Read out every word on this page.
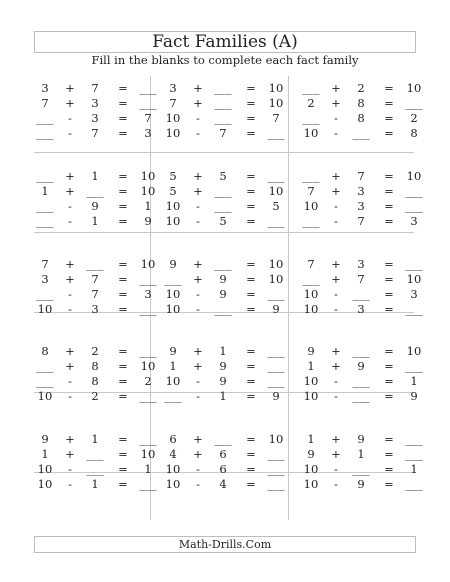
Fact Families (A)
Fill in the blanks to complete each fact family
3	+	7	=	___
7	+	3	=	___
___	-	3	=	7
___	-	7	=	3
3	+	___	=	10
7	+	___	=	10
10	-	___	=	7
10	-	7	=	___
___	+	2	=	10
2	+	8	=	___
___	-	8	=	2
10	-	___	=	8
___	+	1	=	10
1	+	___	=	10
___	-	9	=	1
___	-	1	=	9
5	+	5	=	___
5	+	___	=	10
10	-	___	=	5
10	-	5	=	___
___	+	7	=	10
7	+	3	=	___
10	-	3	=	___
___	-	7	=	3
7	+	___	=	10
3	+	7	=	___
___	-	7	=	3
10	-	3	=	___
9	+	___	=	10
___	+	9	=	10
10	-	9	=	___
10	-	___	=	9
7	+	3	=	___
___	+	7	=	10
10	-	___	=	3
10	-	3	=	___
8	+	2	=	___
___	+	8	=	10
___	-	8	=	2
10	-	2	=	___
9	+	1	=	___
1	+	9	=	___
10	-	9	=	___
___	-	1	=	9
9	+	___	=	10
1	+	9	=	___
10	-	___	=	1
10	-	___	=	9
9	+	1	=	___
1	+	___	=	10
10	-	___	=	1
10	-	1	=	___
6	+	___	=	10
4	+	6	=	___
10	-	6	=	___
10	-	4	=	___
1	+	9	=	___
9	+	1	=	___
10	-	___	=	1
10	-	9	=	___
Math-Drills.Com
